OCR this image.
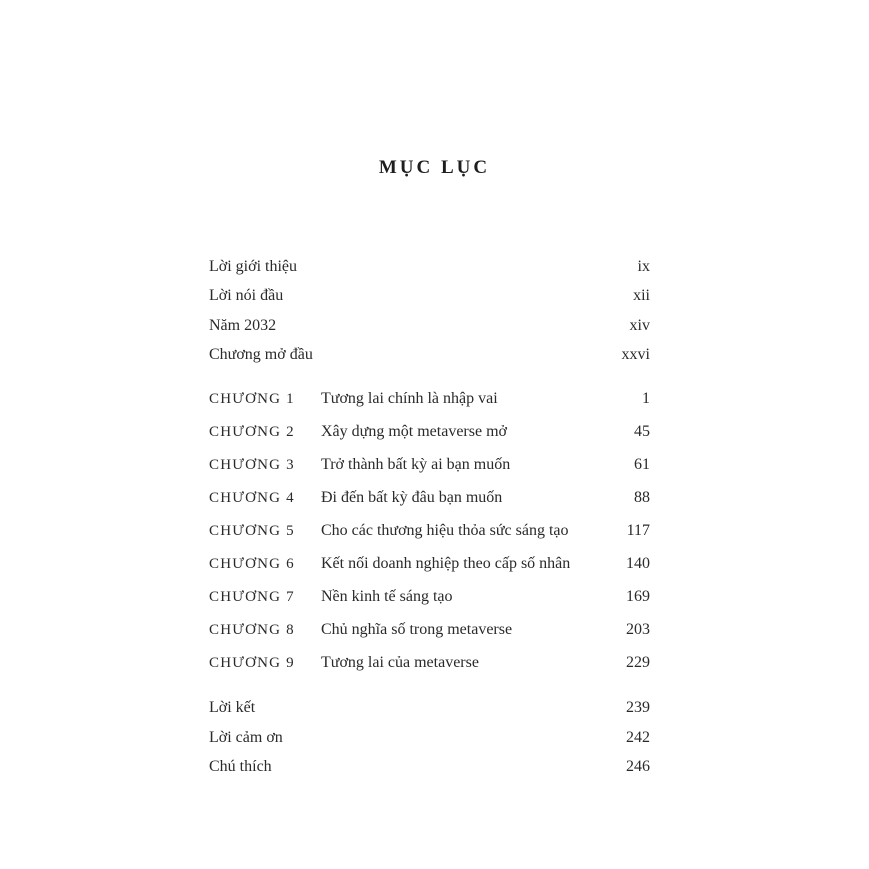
MỤC LỤC
Lời giới thiệu	ix
Lời nói đầu	xii
Năm 2032	xiv
Chương mở đầu	xxvi
CHƯƠNG 1 Tương lai chính là nhập vai	1
CHƯƠNG 2 Xây dựng một metaverse mở	45
CHƯƠNG 3 Trở thành bất kỳ ai bạn muốn	61
CHƯƠNG 4 Đi đến bất kỳ đâu bạn muốn	88
CHƯƠNG 5 Cho các thương hiệu thỏa sức sáng tạo	117
CHƯƠNG 6 Kết nối doanh nghiệp theo cấp số nhân	140
CHƯƠNG 7 Nền kinh tế sáng tạo	169
CHƯƠNG 8 Chủ nghĩa số trong metaverse	203
CHƯƠNG 9 Tương lai của metaverse	229
Lời kết	239
Lời cảm ơn	242
Chú thích	246
